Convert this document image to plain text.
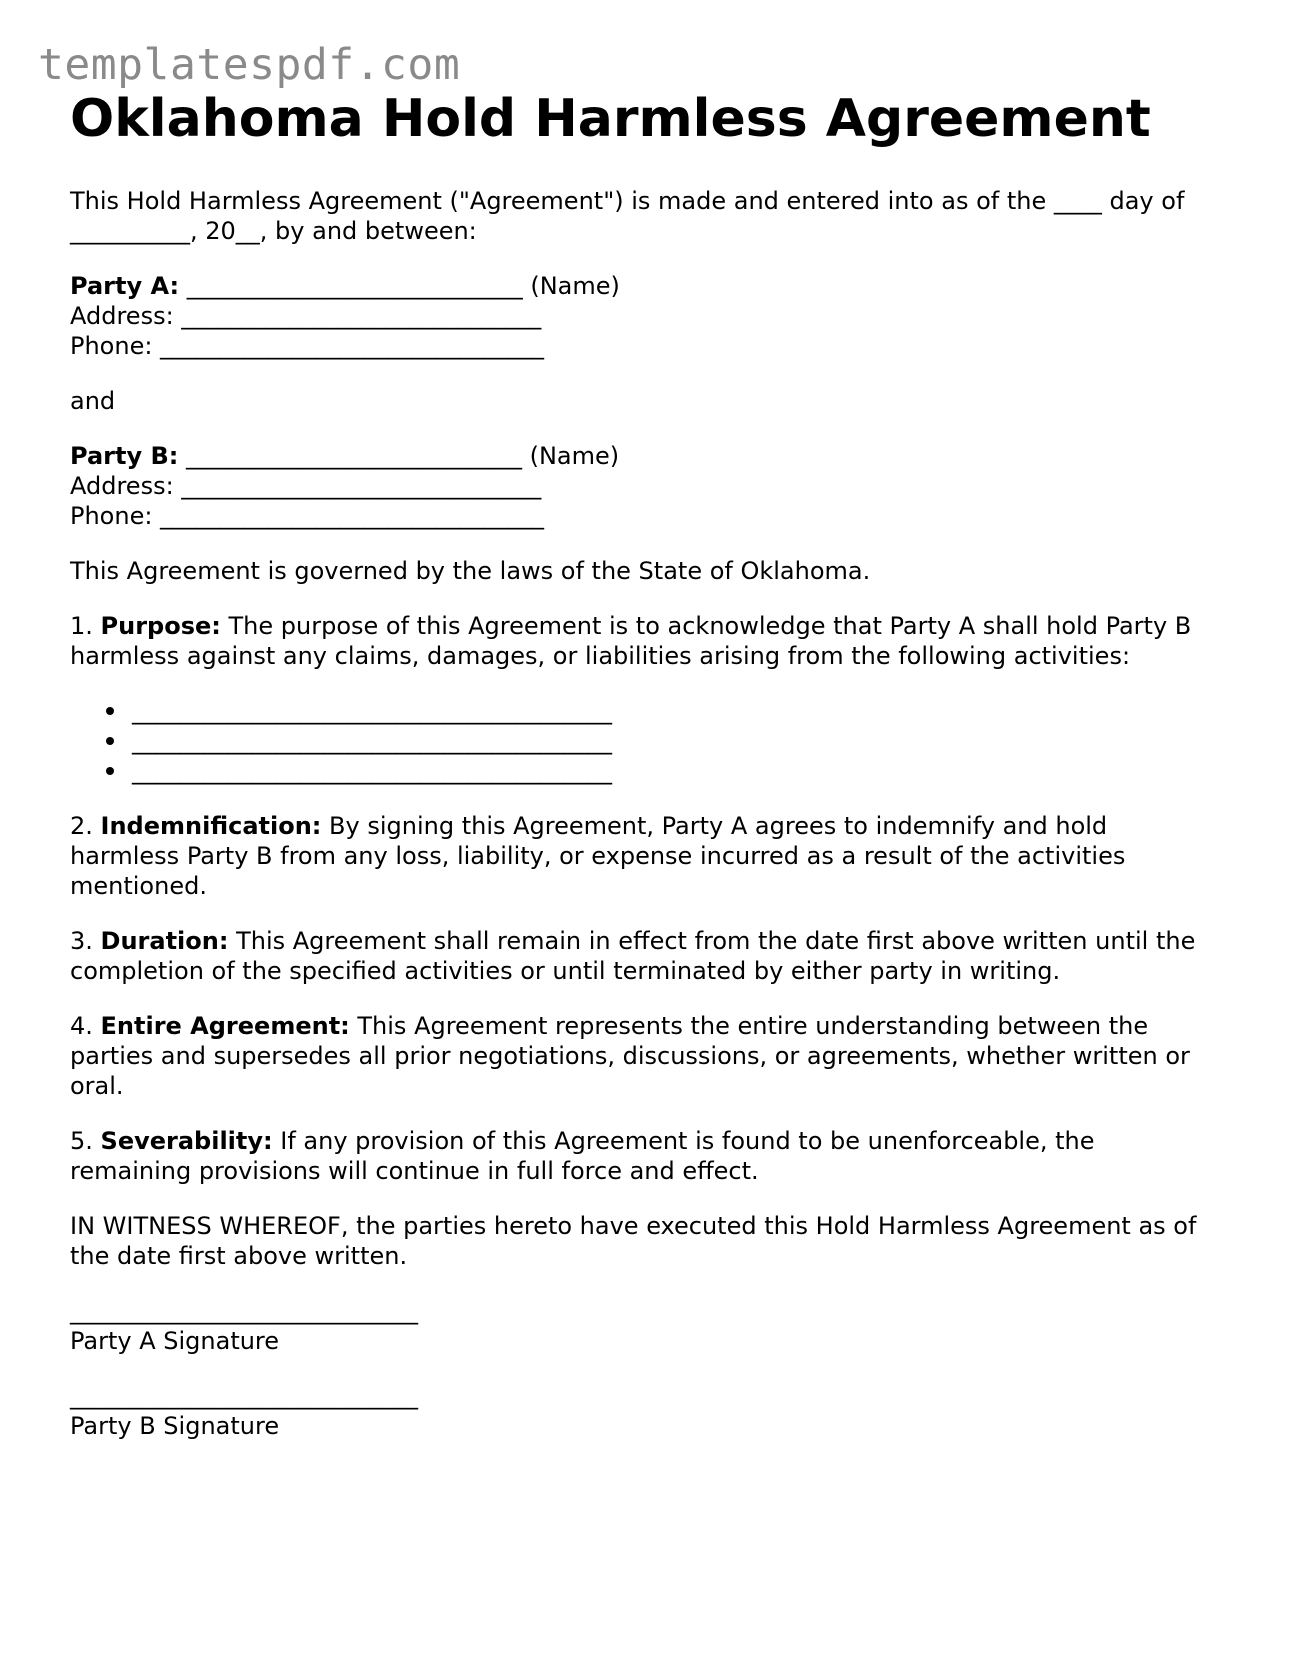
templatespdf.com
Oklahoma Hold Harmless Agreement

This Hold Harmless Agreement ("Agreement") is made and entered into as of the ____ day of __________, 20__, by and between:

Party A: ____________________________ (Name)
Address: ______________________________
Phone: ________________________________

and

Party B: ____________________________ (Name)
Address: ______________________________
Phone: ________________________________

This Agreement is governed by the laws of the State of Oklahoma.

1. Purpose: The purpose of this Agreement is to acknowledge that Party A shall hold Party B harmless against any claims, damages, or liabilities arising from the following activities:

________________________________________
________________________________________
________________________________________

2. Indemnification: By signing this Agreement, Party A agrees to indemnify and hold harmless Party B from any loss, liability, or expense incurred as a result of the activities mentioned.

3. Duration: This Agreement shall remain in effect from the date first above written until the completion of the specified activities or until terminated by either party in writing.

4. Entire Agreement: This Agreement represents the entire understanding between the parties and supersedes all prior negotiations, discussions, or agreements, whether written or oral.

5. Severability: If any provision of this Agreement is found to be unenforceable, the remaining provisions will continue in full force and effect.

IN WITNESS WHEREOF, the parties hereto have executed this Hold Harmless Agreement as of the date first above written.

_____________________________
Party A Signature
_____________________________
Party B Signature
